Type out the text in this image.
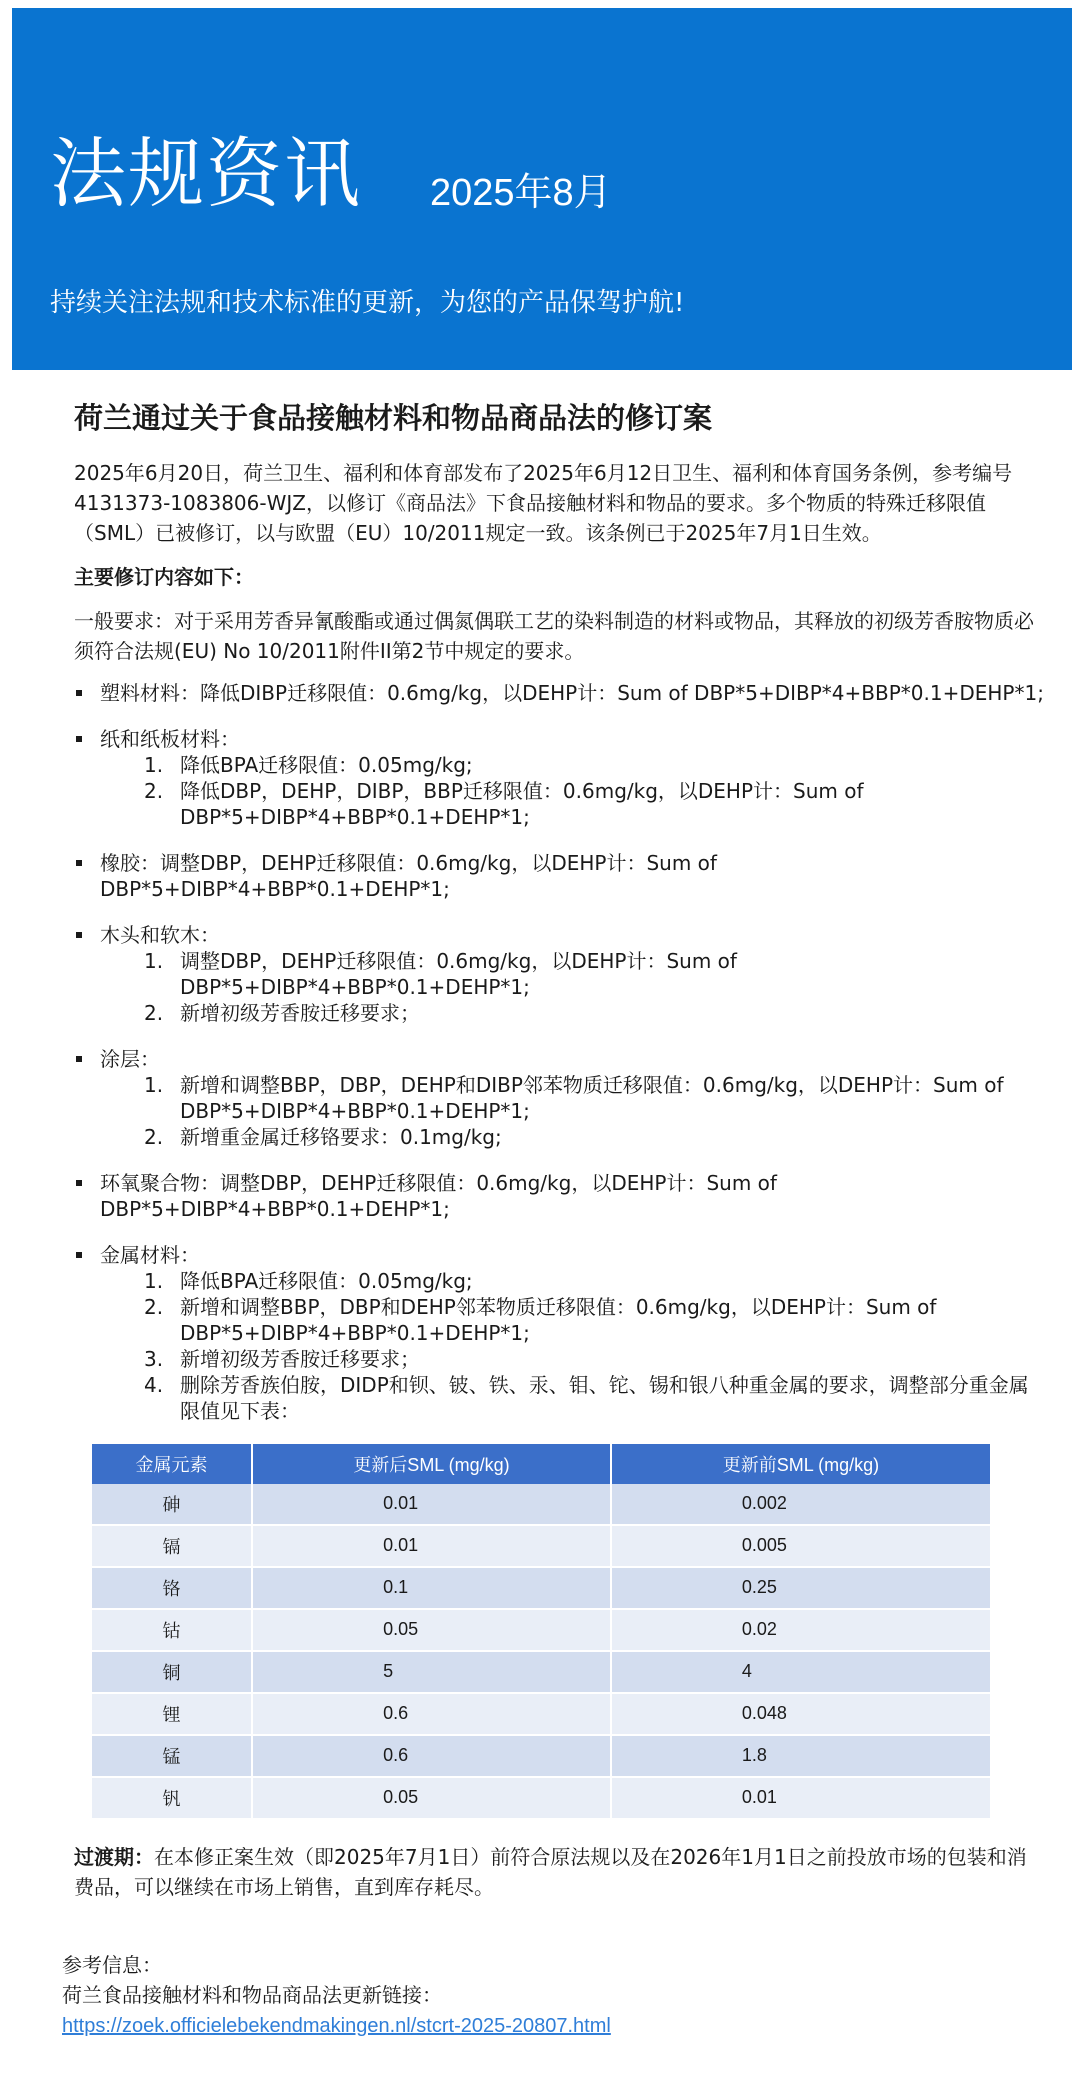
法规资讯 2025年8月
持续关注法规和技术标准的更新，为您的产品保驾护航!
荷兰通过关于食品接触材料和物品商品法的修订案

2025年6月20日，荷兰卫生、福利和体育部发布了2025年6月12日卫生、福利和体育国务条例，参考编号4131373-1083806-WJZ，以修订《商品法》下食品接触材料和物品的要求。多个物质的特殊迁移限值（SML）已被修订，以与欧盟（EU）10/2011规定一致。该条例已于2025年7月1日生效。

主要修订内容如下：

一般要求：对于采用芳香异氰酸酯或通过偶氮偶联工艺的染料制造的材料或物品，其释放的初级芳香胺物质必须符合法规(EU) No 10/2011附件II第2节中规定的要求。

塑料材料：降低DIBP迁移限值：0.6mg/kg，以DEHP计：Sum of DBP*5+DIBP*4+BBP*0.1+DEHP*1;
纸和纸板材料：
1. 降低BPA迁移限值：0.05mg/kg;
2. 降低DBP，DEHP，DIBP，BBP迁移限值：0.6mg/kg，以DEHP计：Sum of DBP*5+DIBP*4+BBP*0.1+DEHP*1;
橡胶：调整DBP，DEHP迁移限值：0.6mg/kg，以DEHP计：Sum of DBP*5+DIBP*4+BBP*0.1+DEHP*1;
木头和软木：
1. 调整DBP，DEHP迁移限值：0.6mg/kg，以DEHP计：Sum of DBP*5+DIBP*4+BBP*0.1+DEHP*1;
2. 新增初级芳香胺迁移要求；
涂层：
1. 新增和调整BBP，DBP，DEHP和DIBP邻苯物质迁移限值：0.6mg/kg，以DEHP计：Sum of DBP*5+DIBP*4+BBP*0.1+DEHP*1;
2. 新增重金属迁移铬要求：0.1mg/kg;
环氧聚合物：调整DBP，DEHP迁移限值：0.6mg/kg，以DEHP计：Sum of DBP*5+DIBP*4+BBP*0.1+DEHP*1;
金属材料：
1. 降低BPA迁移限值：0.05mg/kg;
2. 新增和调整BBP，DBP和DEHP邻苯物质迁移限值：0.6mg/kg，以DEHP计：Sum of DBP*5+DIBP*4+BBP*0.1+DEHP*1;
3. 新增初级芳香胺迁移要求；
4. 删除芳香族伯胺，DIDP和钡、铍、铁、汞、钼、铊、锡和银八种重金属的要求，调整部分重金属限值见下表：
金属元素	更新后SML (mg/kg)	更新前SML (mg/kg)
砷	0.01	0.002
镉	0.01	0.005
铬	0.1	0.25
钴	0.05	0.02
铜	5	4
锂	0.6	0.048
锰	0.6	1.8
钒	0.05	0.01

过渡期：在本修正案生效（即2025年7月1日）前符合原法规以及在2026年1月1日之前投放市场的包装和消费品，可以继续在市场上销售，直到库存耗尽。

参考信息：
荷兰食品接触材料和物品商品法更新链接：
https://zoek.officielebekendmakingen.nl/stcrt-2025-20807.html
